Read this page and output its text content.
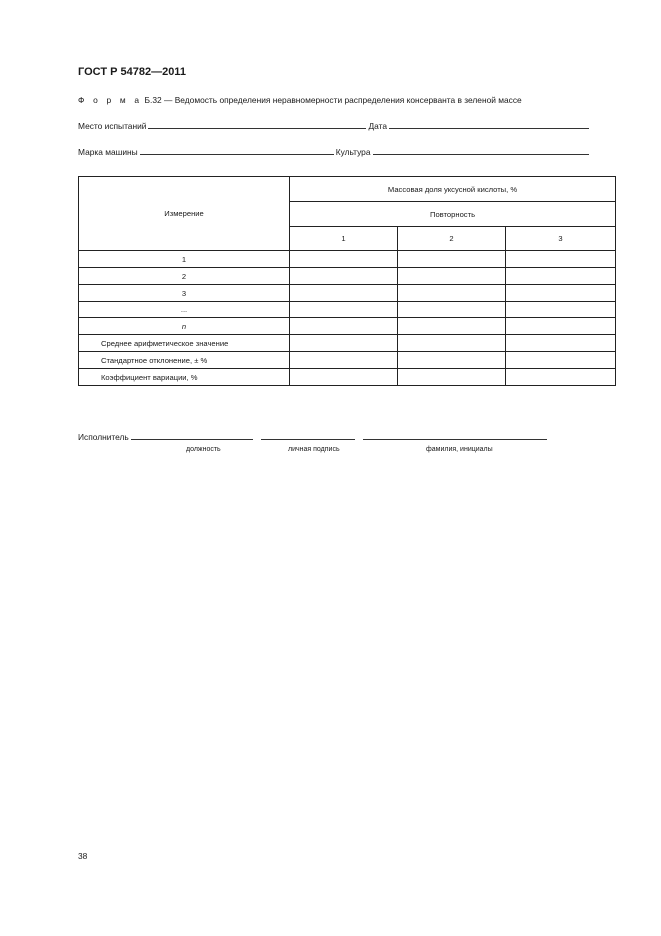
ГОСТ Р 54782—2011
Ф о р м а Б.32 — Ведомость определения неравномерности распределения консерванта в зеленой массе
Место испытаний	Дата
Марка машины	Культура
Измерение	Массовая доля уксусной кислоты, %		
	Повторность		
	1	2	3
1			
2			
3			
...			
n			
Среднее арифметическое значение			
Стандартное отклонение, ± %			
Коэффициент вариации, %			
Исполнитель
должность	личная подпись	фамилия, инициалы
38
